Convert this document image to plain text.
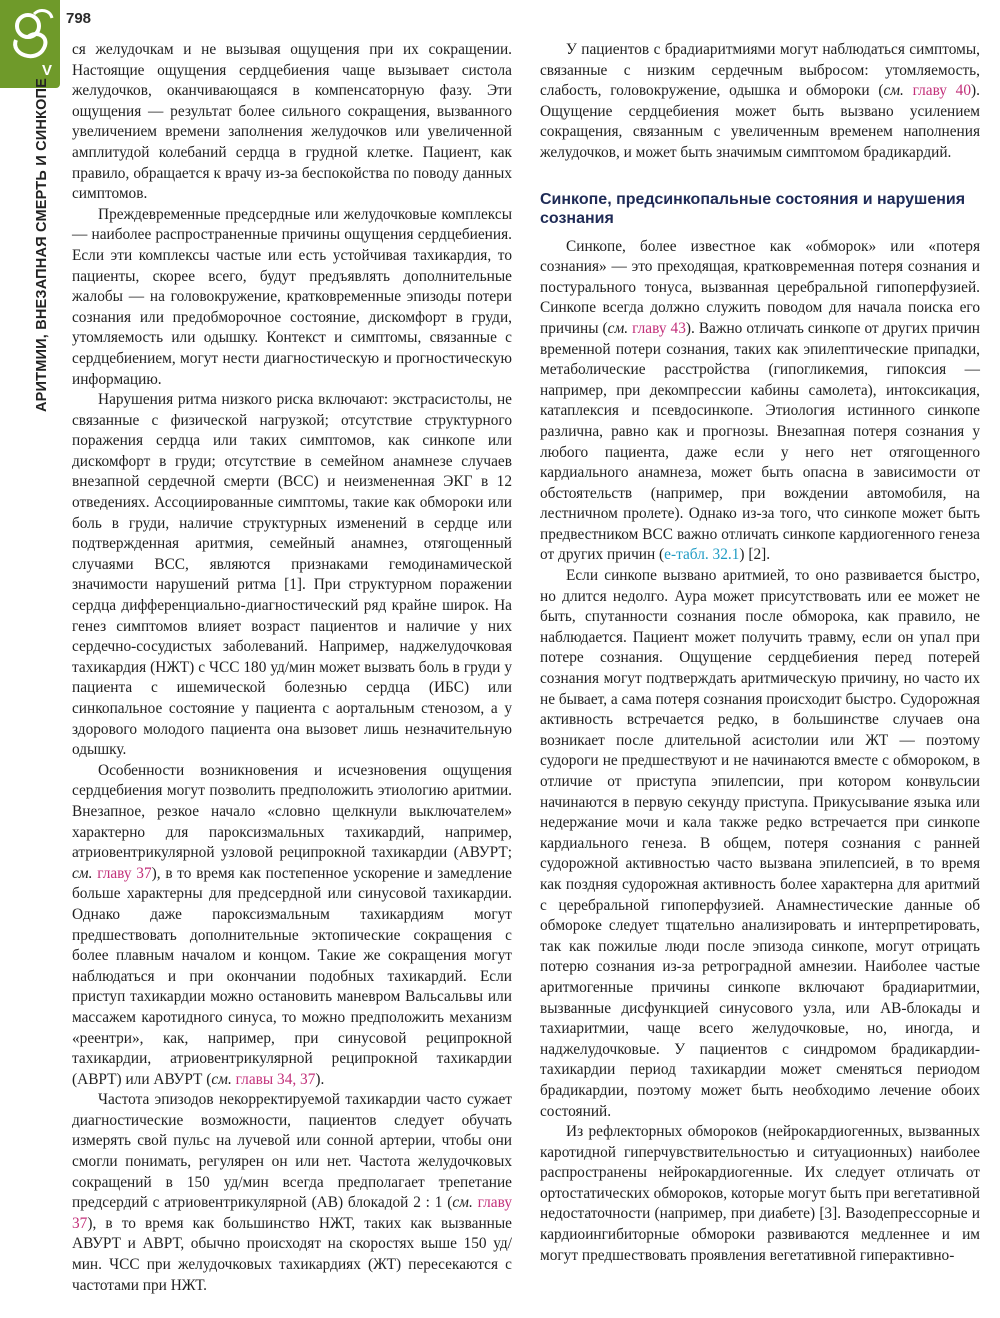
V
798
АРИТМИИ, ВНЕЗАПНАЯ СМЕРТЬ И СИНКОПЕ

ся желудочкам и не вызывая ощущения при их сокращении. Настоящие ощущения сердцебиения чаще вызывает систола желудочков, оканчивающаяся в компенсаторную фазу. Эти ощущения — результат более сильного сокращения, вызванного увеличением времени заполнения желудочков или увеличенной амплитудой колебаний сердца в грудной клетке. Пациент, как правило, обращается к врачу из-за беспокойства по поводу данных симптомов.

Преждевременные предсердные или желудочковые комплексы — наиболее распространенные причины ощущения сердцебиения. Если эти комплексы частые или есть устойчивая тахикардия, то пациенты, скорее всего, будут предъявлять дополнительные жалобы — на головокружение, кратковременные эпизоды потери сознания или предобморочное состояние, дискомфорт в груди, утомляемость или одышку. Контекст и симптомы, связанные с сердцебиением, могут нести диагностическую и прогностическую информацию.

Нарушения ритма низкого риска включают: экстрасистолы, не связанные с физической нагрузкой; отсутствие структурного поражения сердца или таких симптомов, как синкопе или дискомфорт в груди; отсутствие в семейном анамнезе случаев внезапной сердечной смерти (ВСС) и неизмененная ЭКГ в 12 отведениях. Ассоциированные симптомы, такие как обмороки или боль в груди, наличие структурных изменений в сердце или подтвержденная аритмия, семейный анамнез, отягощенный случаями ВСС, являются признаками гемодинамической значимости нарушений ритма [1]. При структурном поражении сердца дифференциально-диагностический ряд крайне широк. На генез симптомов влияет возраст пациентов и наличие у них сердечно-сосудистых заболеваний. Например, наджелудочковая тахикардия (НЖТ) с ЧСС 180 уд/мин может вызвать боль в груди у пациента с ишемической болезнью сердца (ИБС) или синкопальное состояние у пациента с аортальным стенозом, а у здорового молодого пациента она вызовет лишь незначительную одышку.

Особенности возникновения и исчезновения ощущения сердцебиения могут позволить предположить этиологию аритмии. Внезапное, резкое начало «словно щелкнули выключателем» характерно для пароксизмальных тахикардий, например, атриовентрикулярной узловой реципрокной тахикардии (АВУРТ; см. главу 37), в то время как постепенное ускорение и замедление больше характерны для предсердной или синусовой тахикардии. Однако даже пароксизмальным тахикардиям могут предшествовать дополнительные эктопические сокращения с более плавным началом и концом. Такие же сокращения могут наблюдаться и при окончании подобных тахикардий. Если приступ тахикардии можно остановить маневром Вальсальвы или массажем каротидного синуса, то можно предположить механизм «реентри», как, например, при синусовой реципрокной тахикардии, атриовентрикулярной реципрокной тахикардии (АВРТ) или АВУРТ (см. главы 34, 37).

Частота эпизодов некорректируемой тахикардии часто сужает диагностические возможности, пациентов следует обучать измерять свой пульс на лучевой или сонной артерии, чтобы они смогли понимать, регулярен он или нет. Частота желудочковых сокращений в 150 уд/мин всегда предполагает трепетание предсердий с атриовентрикулярной (АВ) блокадой 2 : 1 (см. главу 37), в то время как большинство НЖТ, таких как вызванные АВУРТ и АВРТ, обычно происходят на скоростях выше 150 уд/мин. ЧСС при желудочковых тахикардиях (ЖТ) пересекаются с частотами при НЖТ.

У пациентов с брадиаритмиями могут наблюдаться симптомы, связанные с низким сердечным выбросом: утомляемость, слабость, головокружение, одышка и обмороки (см. главу 40). Ощущение сердцебиения может быть вызвано усилением сокращения, связанным с увеличенным временем наполнения желудочков, и может быть значимым симптомом брадикардий.

Синкопе, предсинкопальные состояния и нарушения сознания

Синкопе, более известное как «обморок» или «потеря сознания» — это преходящая, кратковременная потеря сознания и постурального тонуса, вызванная церебральной гипоперфузией. Синкопе всегда должно служить поводом для начала поиска его причины (см. главу 43). Важно отличать синкопе от других причин временной потери сознания, таких как эпилептические припадки, метаболические расстройства (гипогликемия, гипоксия — например, при декомпрессии кабины самолета), интоксикация, катаплексия и псевдосинкопе. Этиология истинного синкопе различна, равно как и прогнозы. Внезапная потеря сознания у любого пациента, даже если у него нет отягощенного кардиального анамнеза, может быть опасна в зависимости от обстоятельств (например, при вождении автомобиля, на лестничном пролете). Однако из-за того, что синкопе может быть предвестником ВСС важно отличать синкопе кардиогенного генеза от других причин (е-табл. 32.1) [2].

Если синкопе вызвано аритмией, то оно развивается быстро, но длится недолго. Аура может присутствовать или ее может не быть, спутанности сознания после обморока, как правило, не наблюдается. Пациент может получить травму, если он упал при потере сознания. Ощущение сердцебиения перед потерей сознания могут подтверждать аритмическую причину, но часто их не бывает, а сама потеря сознания происходит быстро. Судорожная активность встречается редко, в большинстве случаев она возникает после длительной асистолии или ЖТ — поэтому судороги не предшествуют и не начинаются вместе с обмороком, в отличие от приступа эпилепсии, при котором конвульсии начинаются в первую секунду приступа. Прикусывание языка или недержание мочи и кала также редко встречается при синкопе кардиального генеза. В общем, потеря сознания с ранней судорожной активностью часто вызвана эпилепсией, в то время как поздняя судорожная активность более характерна для аритмий с церебральной гипоперфузией. Анамнестические данные об обмороке следует тщательно анализировать и интерпретировать, так как пожилые люди после эпизода синкопе, могут отрицать потерю сознания из-за ретроградной амнезии. Наиболее частые аритмогенные причины синкопе включают брадиаритмии, вызванные дисфункцией синусового узла, или АВ-блокады и тахиаритмии, чаще всего желудочковые, но, иногда, и наджелудочковые. У пациентов с синдромом брадикардии-тахикардии период тахикардии может сменяться периодом брадикардии, поэтому может быть необходимо лечение обоих состояний.

Из рефлекторных обмороков (нейрокардиогенных, вызванных каротидной гиперчувствительностью и ситуационных) наиболее распространены нейрокардиогенные. Их следует отличать от ортостатических обмороков, которые могут быть при вегетативной недостаточности (например, при диабете) [3]. Вазодепрессорные и кардиоингибиторные обмороки развиваются медленнее и им могут предшествовать проявления вегетативной гиперактивно-
